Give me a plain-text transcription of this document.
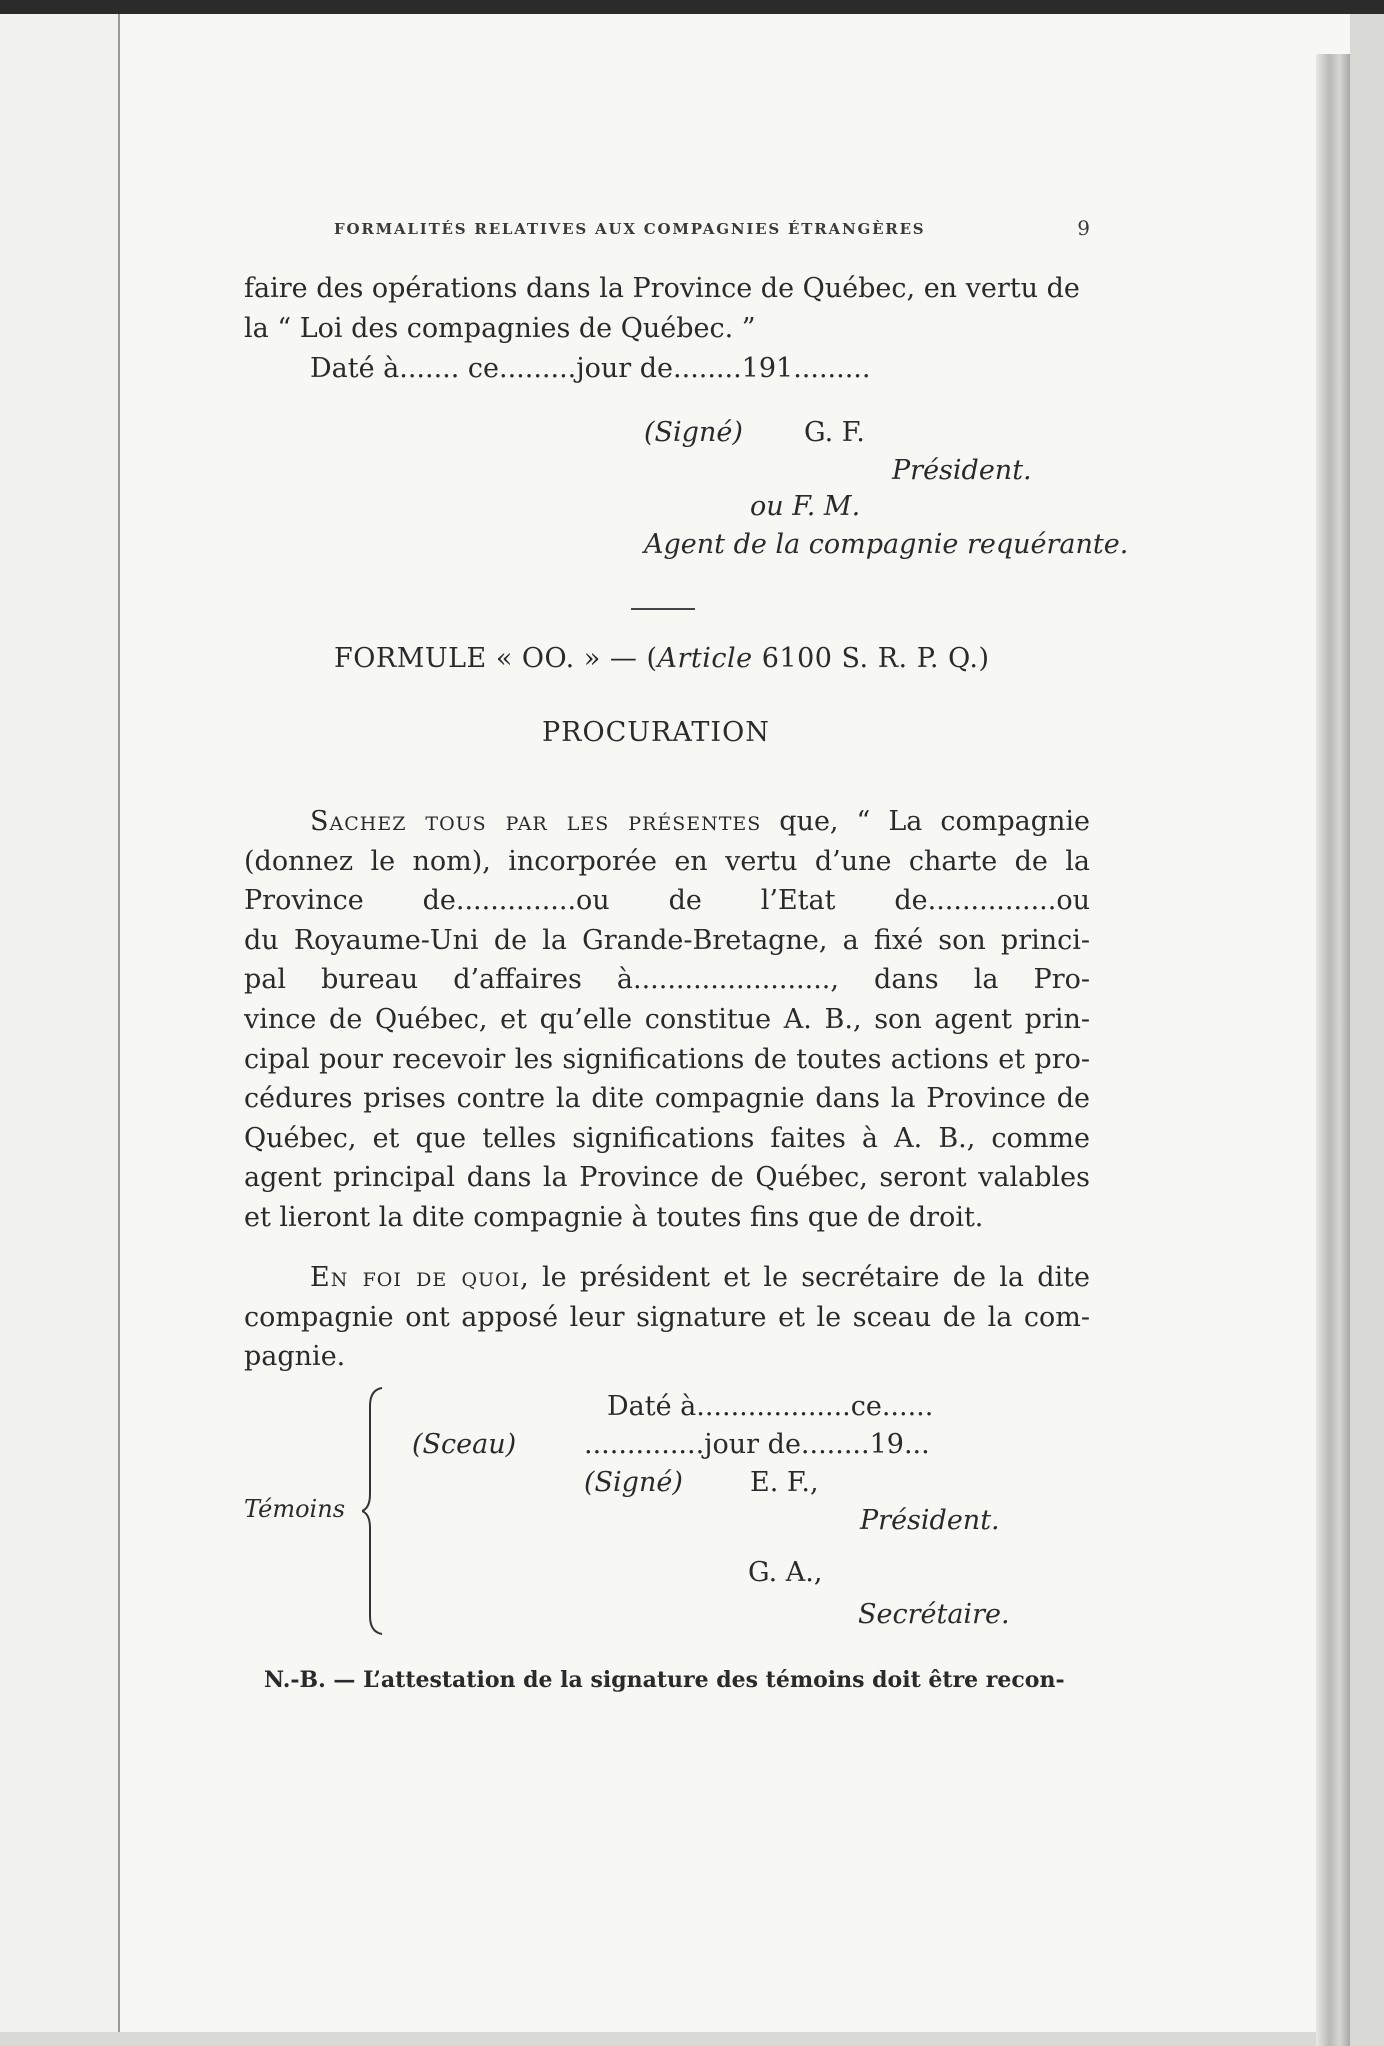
FORMALITÉS RELATIVES AUX COMPAGNIES ÉTRANGÈRES	9
faire des opérations dans la Province de Québec, en vertu de
la “ Loi des compagnies de Québec. ”
Daté à....... ce.........jour de........191.........
(Signé) G. F.
Président.
ou F. M.
Agent de la compagnie requérante.
FORMULE « OO. » — (Article 6100 S. R. P. Q.)
PROCURATION
Sachez tous par les présentes que, “ La compagnie
(donnez le nom), incorporée en vertu d’une charte de la
Province de..............ou de l’Etat de...............ou
du Royaume-Uni de la Grande-Bretagne, a fixé son princi-
pal bureau d’affaires à......................., dans la Pro-
vince de Québec, et qu’elle constitue A. B., son agent prin-
cipal pour recevoir les significations de toutes actions et pro-
cédures prises contre la dite compagnie dans la Province de
Québec, et que telles significations faites à A. B., comme
agent principal dans la Province de Québec, seront valables
et lieront la dite compagnie à toutes fins que de droit.
En foi de quoi, le président et le secrétaire de la dite
compagnie ont apposé leur signature et le sceau de la com-
pagnie.
Témoins
Daté à..................ce......
(Sceau)	..............jour de........19...
(Signé) E. F.,
Président.
G. A.,
Secrétaire.
N.-B. — L’attestation de la signature des témoins doit être recon-
